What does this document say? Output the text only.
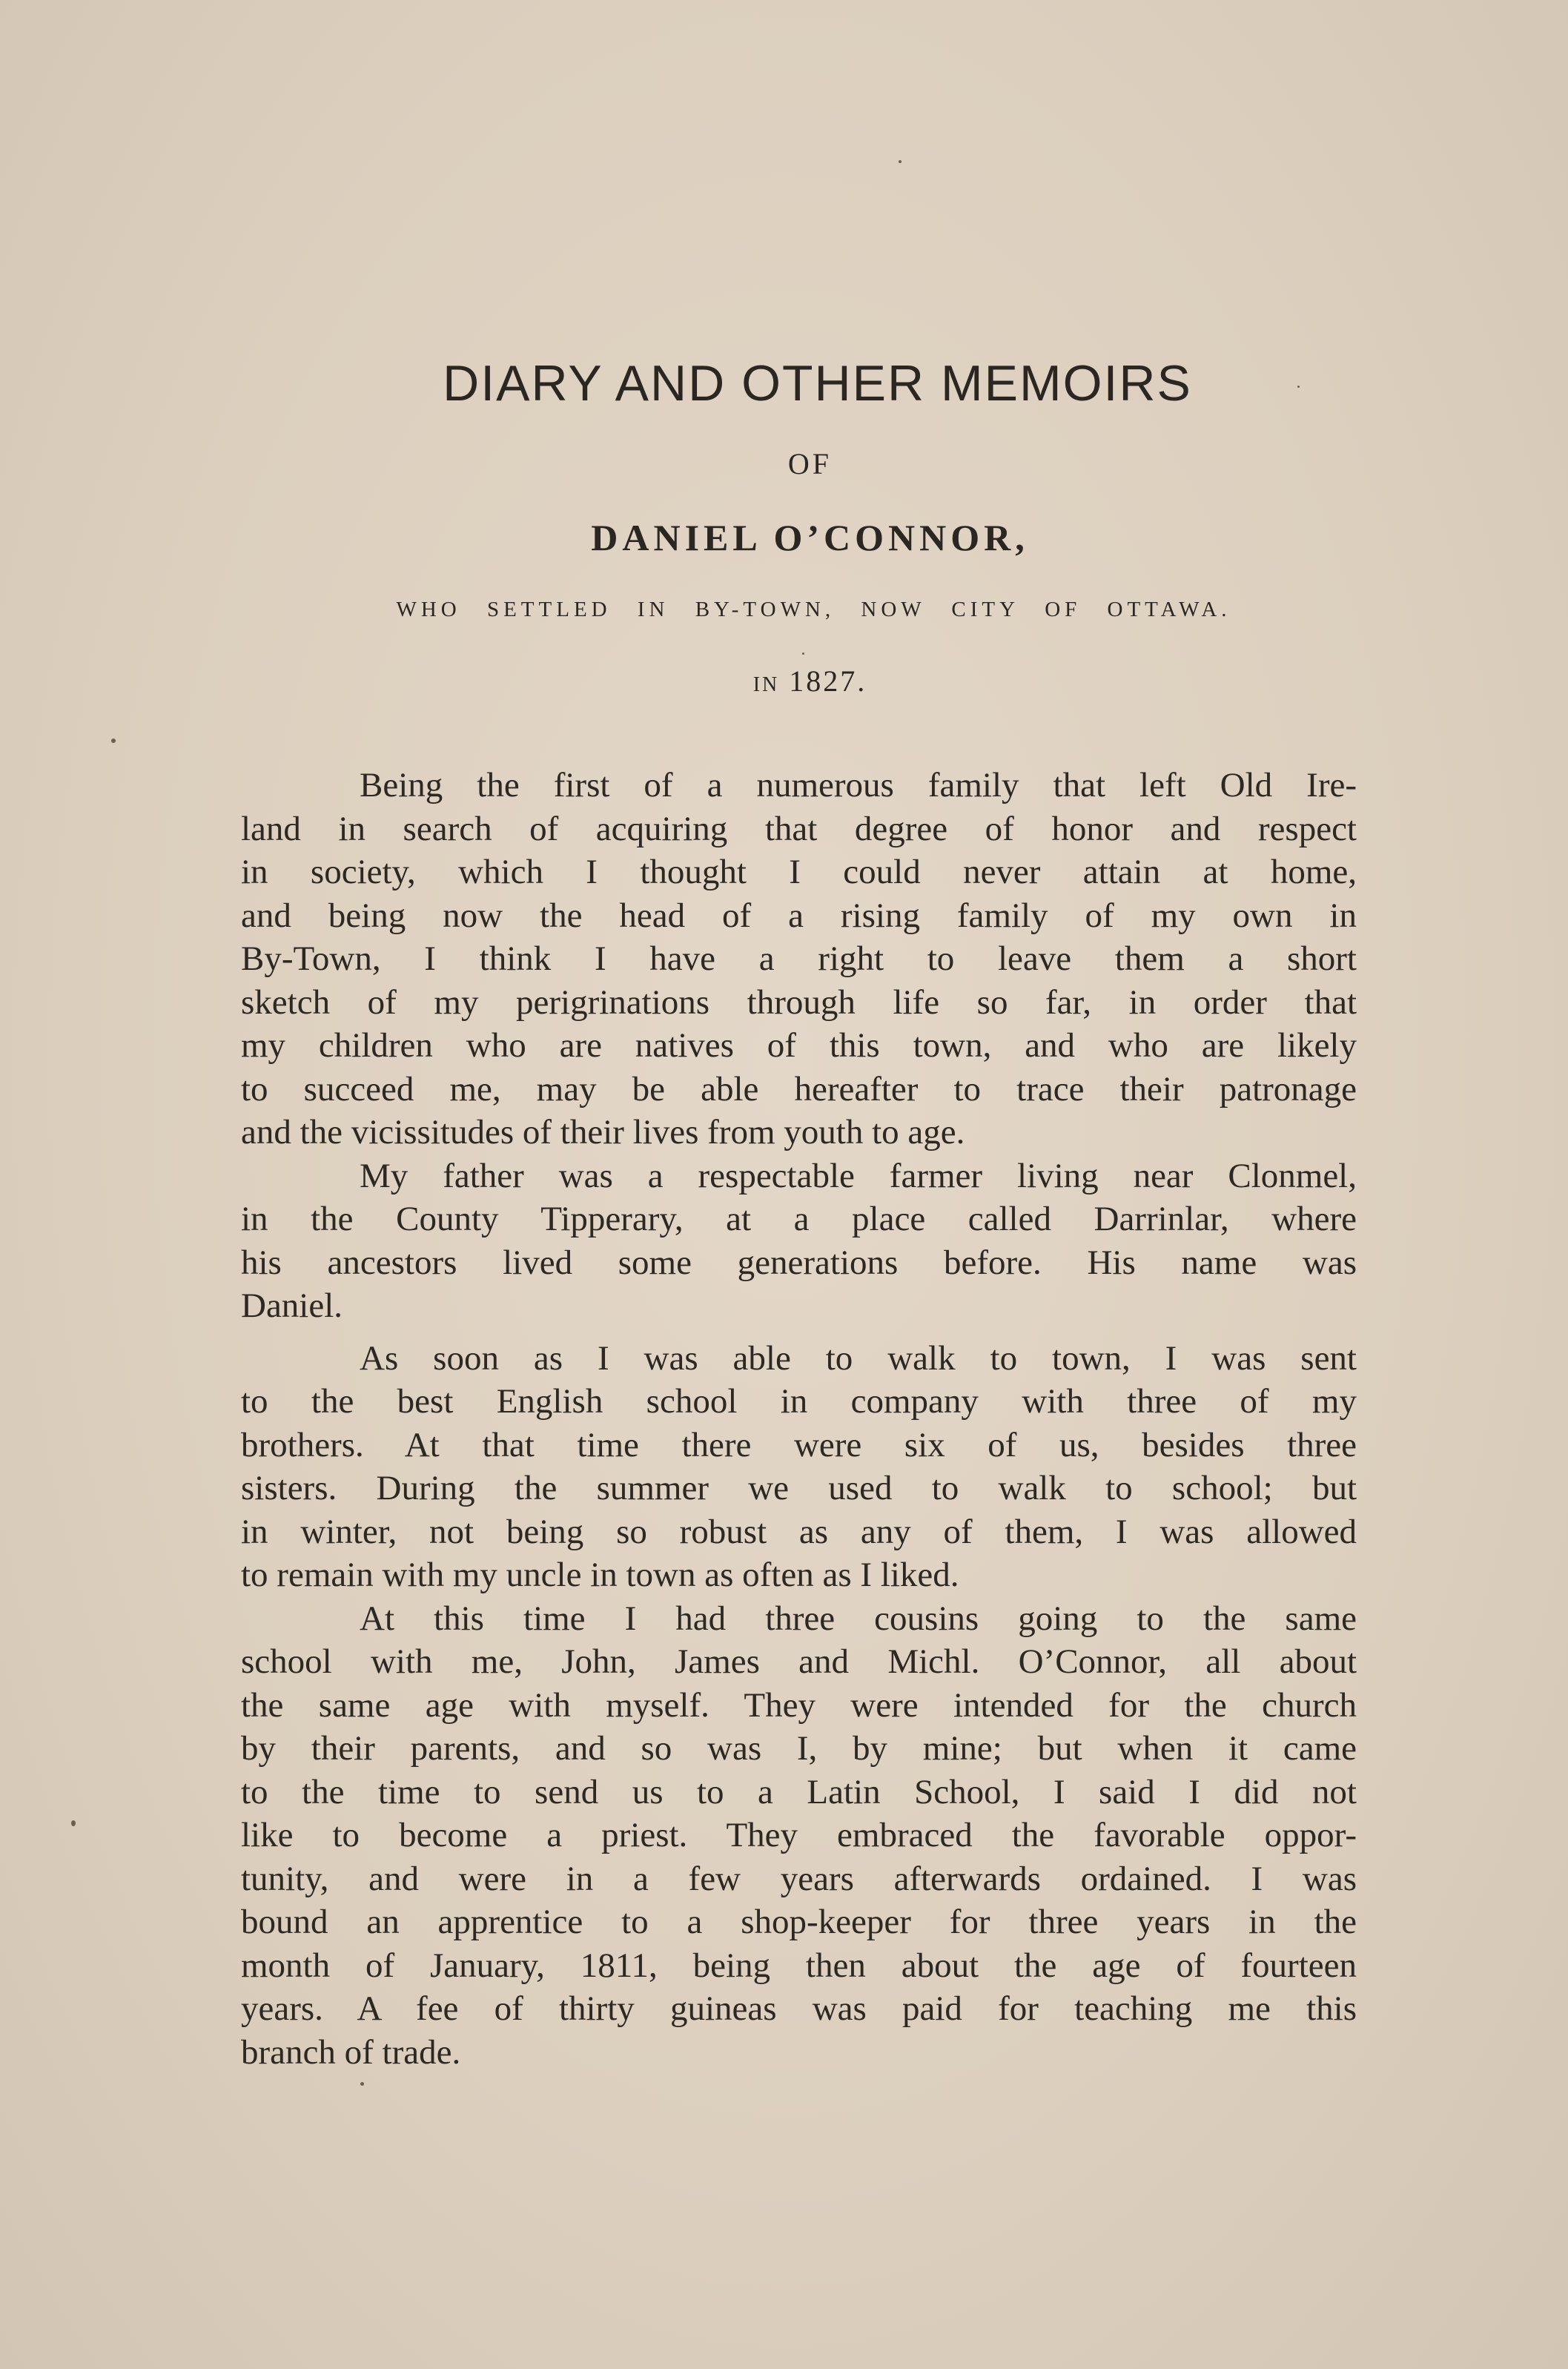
DIARY AND OTHER MEMOIRS
OF
DANIEL O’CONNOR,
WHO SETTLED IN BY-TOWN, NOW CITY OF OTTAWA.
IN 1827.
Being the first of a numerous family that left Old Ire-
land in search of acquiring that degree of honor and respect
in society, which I thought I could never attain at home,
and being now the head of a rising family of my own in
By-Town, I think I have a right to leave them a short
sketch of my perigrinations through life so far, in order that
my children who are natives of this town, and who are likely
to succeed me, may be able hereafter to trace their patronage
and the vicissitudes of their lives from youth to age.
My father was a respectable farmer living near Clonmel,
in the County Tipperary, at a place called Darrinlar, where
his ancestors lived some generations before. His name was
Daniel.
As soon as I was able to walk to town, I was sent
to the best English school in company with three of my
brothers. At that time there were six of us, besides three
sisters. During the summer we used to walk to school; but
in winter, not being so robust as any of them, I was allowed
to remain with my uncle in town as often as I liked.
At this time I had three cousins going to the same
school with me, John, James and Michl. O’Connor, all about
the same age with myself. They were intended for the church
by their parents, and so was I, by mine; but when it came
to the time to send us to a Latin School, I said I did not
like to become a priest. They embraced the favorable oppor-
tunity, and were in a few years afterwards ordained. I was
bound an apprentice to a shop-keeper for three years in the
month of January, 1811, being then about the age of fourteen
years. A fee of thirty guineas was paid for teaching me this
branch of trade.
